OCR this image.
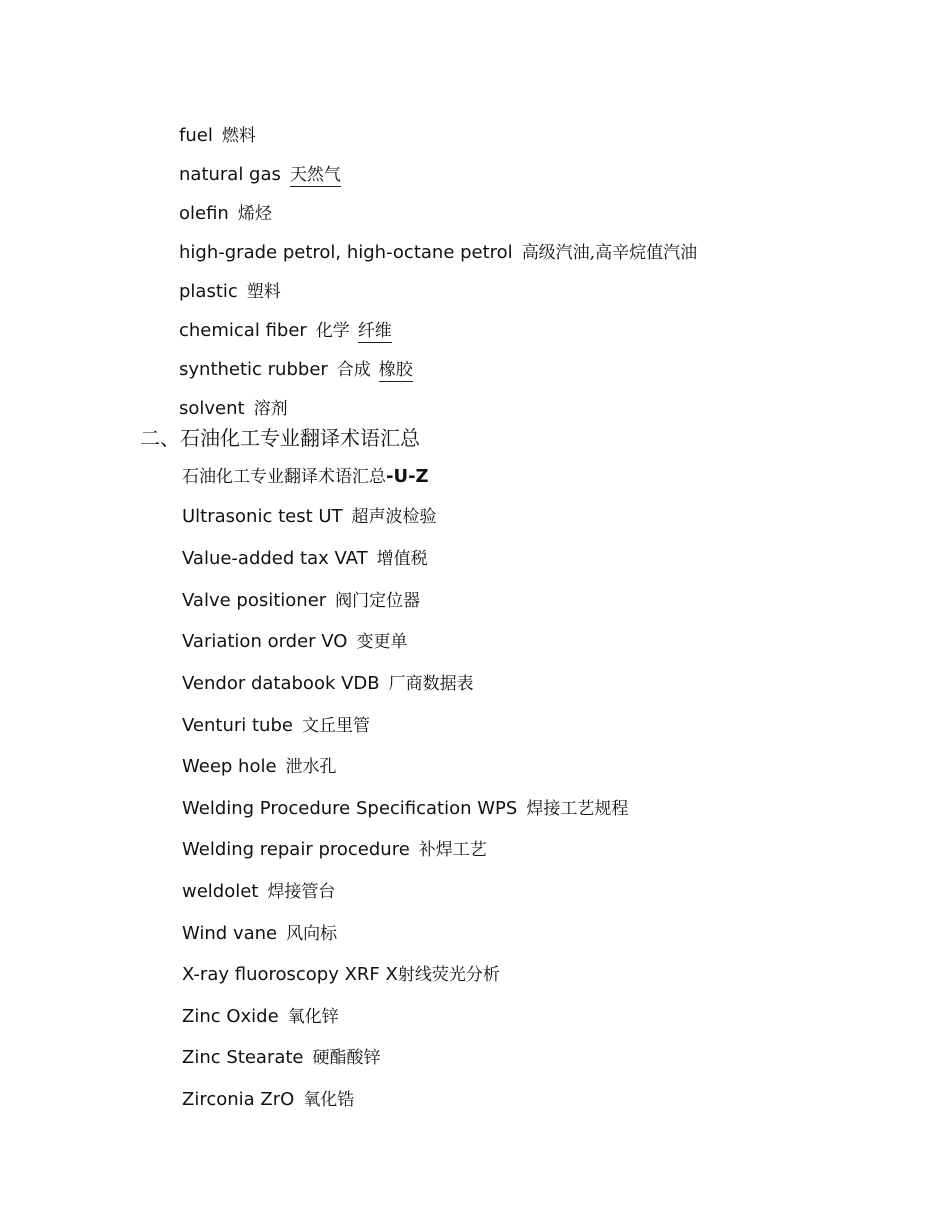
fuel 燃料
natural gas 天然气
olefin 烯烃
high-grade petrol, high-octane petrol 高级汽油,高辛烷值汽油
plastic 塑料
chemical fiber 化学 纤维
synthetic rubber 合成 橡胶
solvent 溶剂
二、石油化工专业翻译术语汇总
石油化工专业翻译术语汇总-U-Z
Ultrasonic test UT 超声波检验
Value-added tax VAT 增值税
Valve positioner 阀门定位器
Variation order VO 变更单
Vendor databook VDB 厂商数据表
Venturi tube 文丘里管
Weep hole 泄水孔
Welding Procedure Specification WPS 焊接工艺规程
Welding repair procedure 补焊工艺
weldolet 焊接管台
Wind vane 风向标
X-ray fluoroscopy XRF X射线荧光分析
Zinc Oxide 氧化锌
Zinc Stearate 硬酯酸锌
Zirconia ZrO 氧化锆
